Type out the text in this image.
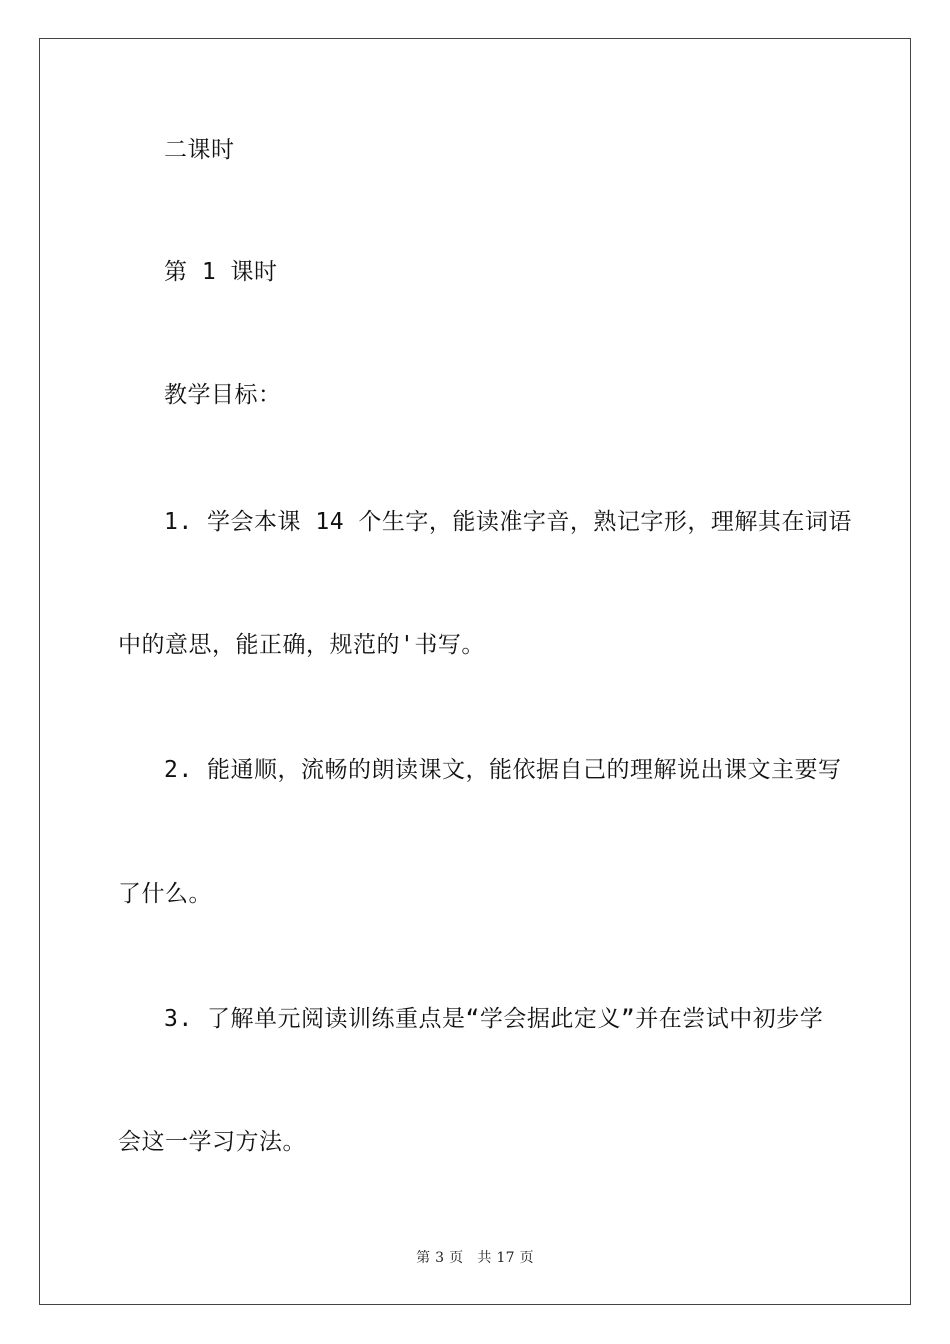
二课时
第 1 课时
教学目标：
1. 学会本课 14 个生字，能读准字音，熟记字形，理解其在词语
中的意思，能正确，规范的'书写。
2. 能通顺，流畅的朗读课文，能依据自己的理解说出课文主要写
了什么。
3. 了解单元阅读训练重点是“学会据此定义”并在尝试中初步学
会这一学习方法。
第 3 页 共 17 页
